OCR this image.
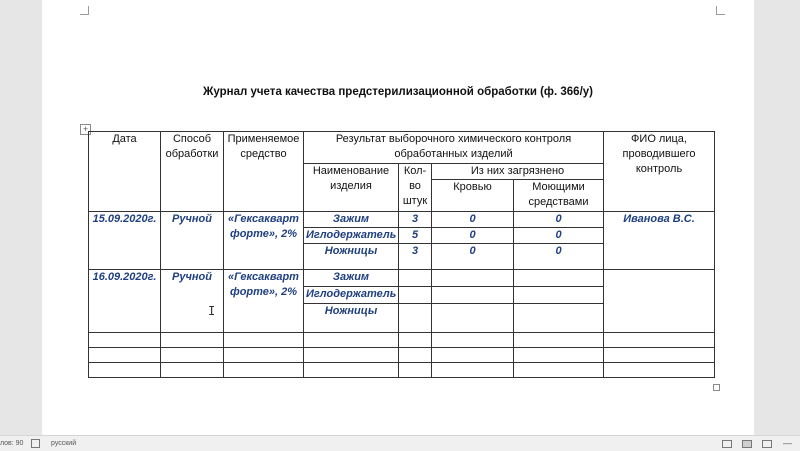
Журнал учета качества предстерилизационной обработки (ф. 366/у)
+
Дата	Способ обработки	Применяемое средство	Результат выборочного химического контроля обработанных изделий				ФИО лица, проводившего контроль
			Наименование изделия	Кол-во штук	Из них загрязнено		
					Кровью	Моющими средствами	
15.09.2020г.	Ручной	«Гексакварт форте», 2%	Зажим	3	0	0	Иванова В.С.
			Иглодержатель	5	0	0	
			Ножницы	3	0	0	
16.09.2020г.	Ручной	«Гексакварт форте», 2%	Зажим				
			Иглодержатель				
			Ножницы				

I
лов: 90	русский	—
